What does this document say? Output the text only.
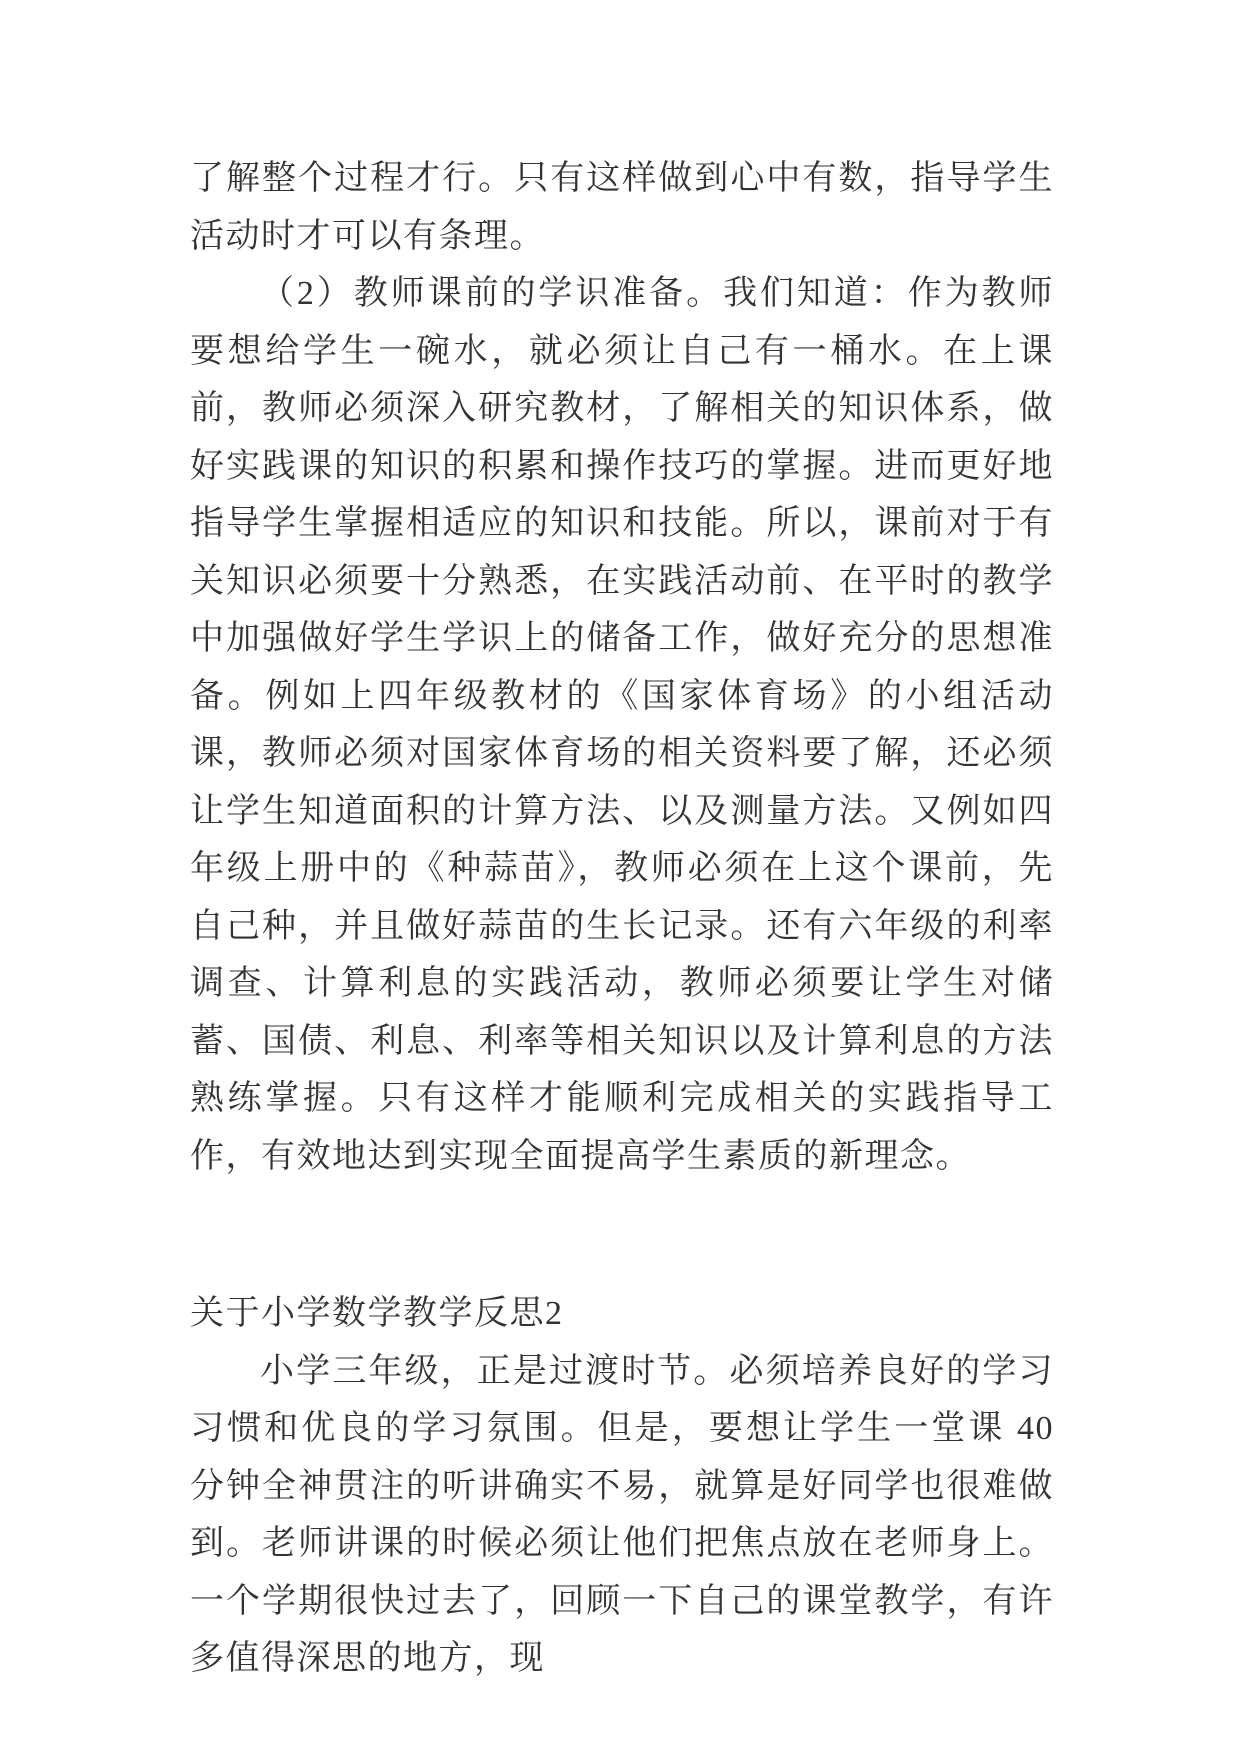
了解整个过程才行。只有这样做到心中有数，指导学生活动时才可以有条理。

（2）教师课前的学识准备。我们知道：作为教师要想给学生一碗水，就必须让自己有一桶水。在上课前，教师必须深入研究教材，了解相关的知识体系，做好实践课的知识的积累和操作技巧的掌握。进而更好地指导学生掌握相适应的知识和技能。所以，课前对于有关知识必须要十分熟悉，在实践活动前、在平时的教学中加强做好学生学识上的储备工作，做好充分的思想准备。例如上四年级教材的《国家体育场》的小组活动课，教师必须对国家体育场的相关资料要了解，还必须让学生知道面积的计算方法、以及测量方法。又例如四年级上册中的《种蒜苗》，教师必须在上这个课前，先自己种，并且做好蒜苗的生长记录。还有六年级的利率调查、计算利息的实践活动，教师必须要让学生对储蓄、国债、利息、利率等相关知识以及计算利息的方法熟练掌握。只有这样才能顺利完成相关的实践指导工作，有效地达到实现全面提高学生素质的新理念。

关于小学数学教学反思2

小学三年级，正是过渡时节。必须培养良好的学习习惯和优良的学习氛围。但是，要想让学生一堂课 40 分钟全神贯注的听讲确实不易，就算是好同学也很难做到。老师讲课的时候必须让他们把焦点放在老师身上。一个学期很快过去了，回顾一下自己的课堂教学，有许多值得深思的地方，现
